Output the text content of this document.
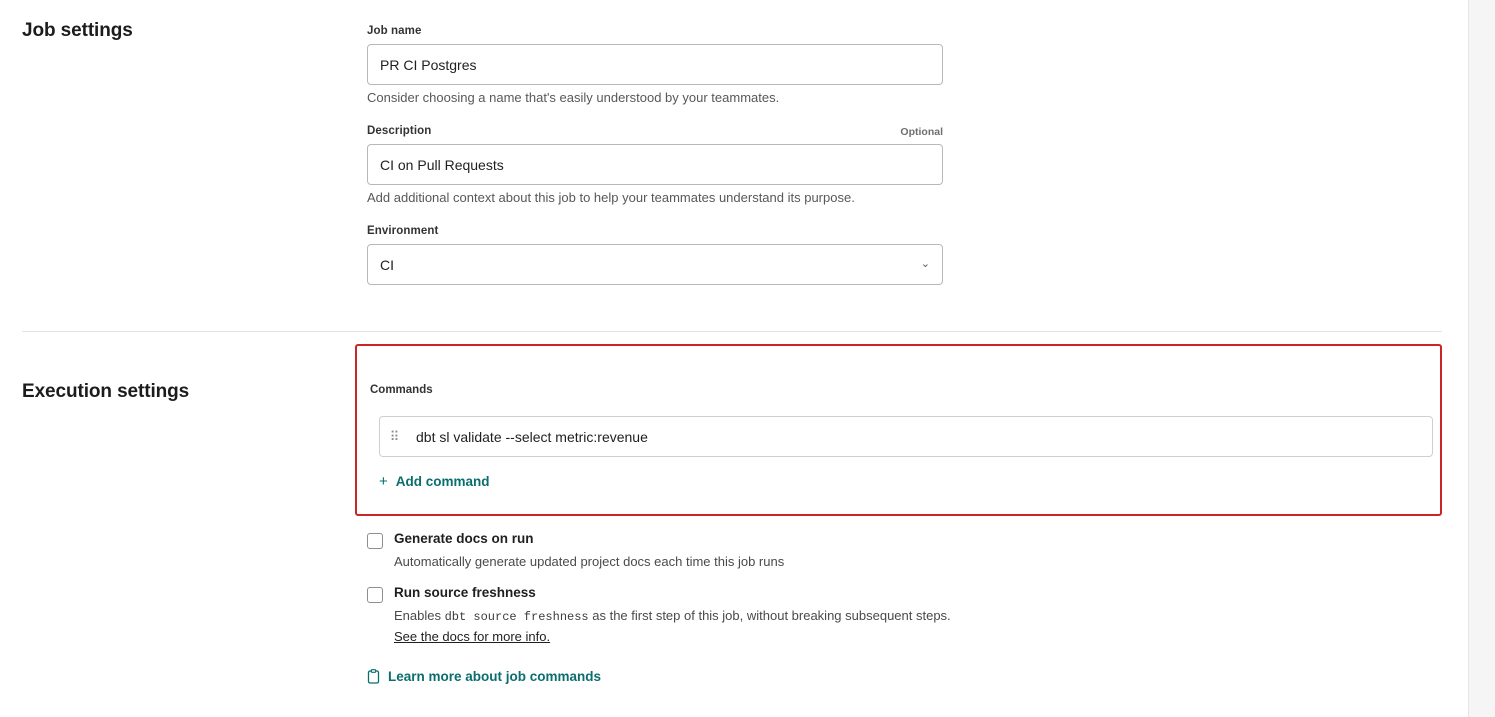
Job settings	Job name
PR CI Postgres
Consider choosing a name that's easily understood by your teammates.
Description	Optional
CI on Pull Requests
Add additional context about this job to help your teammates understand its purpose.
Environment
CI	⌄
Execution settings	Commands
⠿	dbt sl validate --select metric:revenue
+ Add command
Generate docs on run
Automatically generate updated project docs each time this job runs
Run source freshness
Enables dbt source freshness as the first step of this job, without breaking subsequent steps. See the docs for more info.
Learn more about job commands
